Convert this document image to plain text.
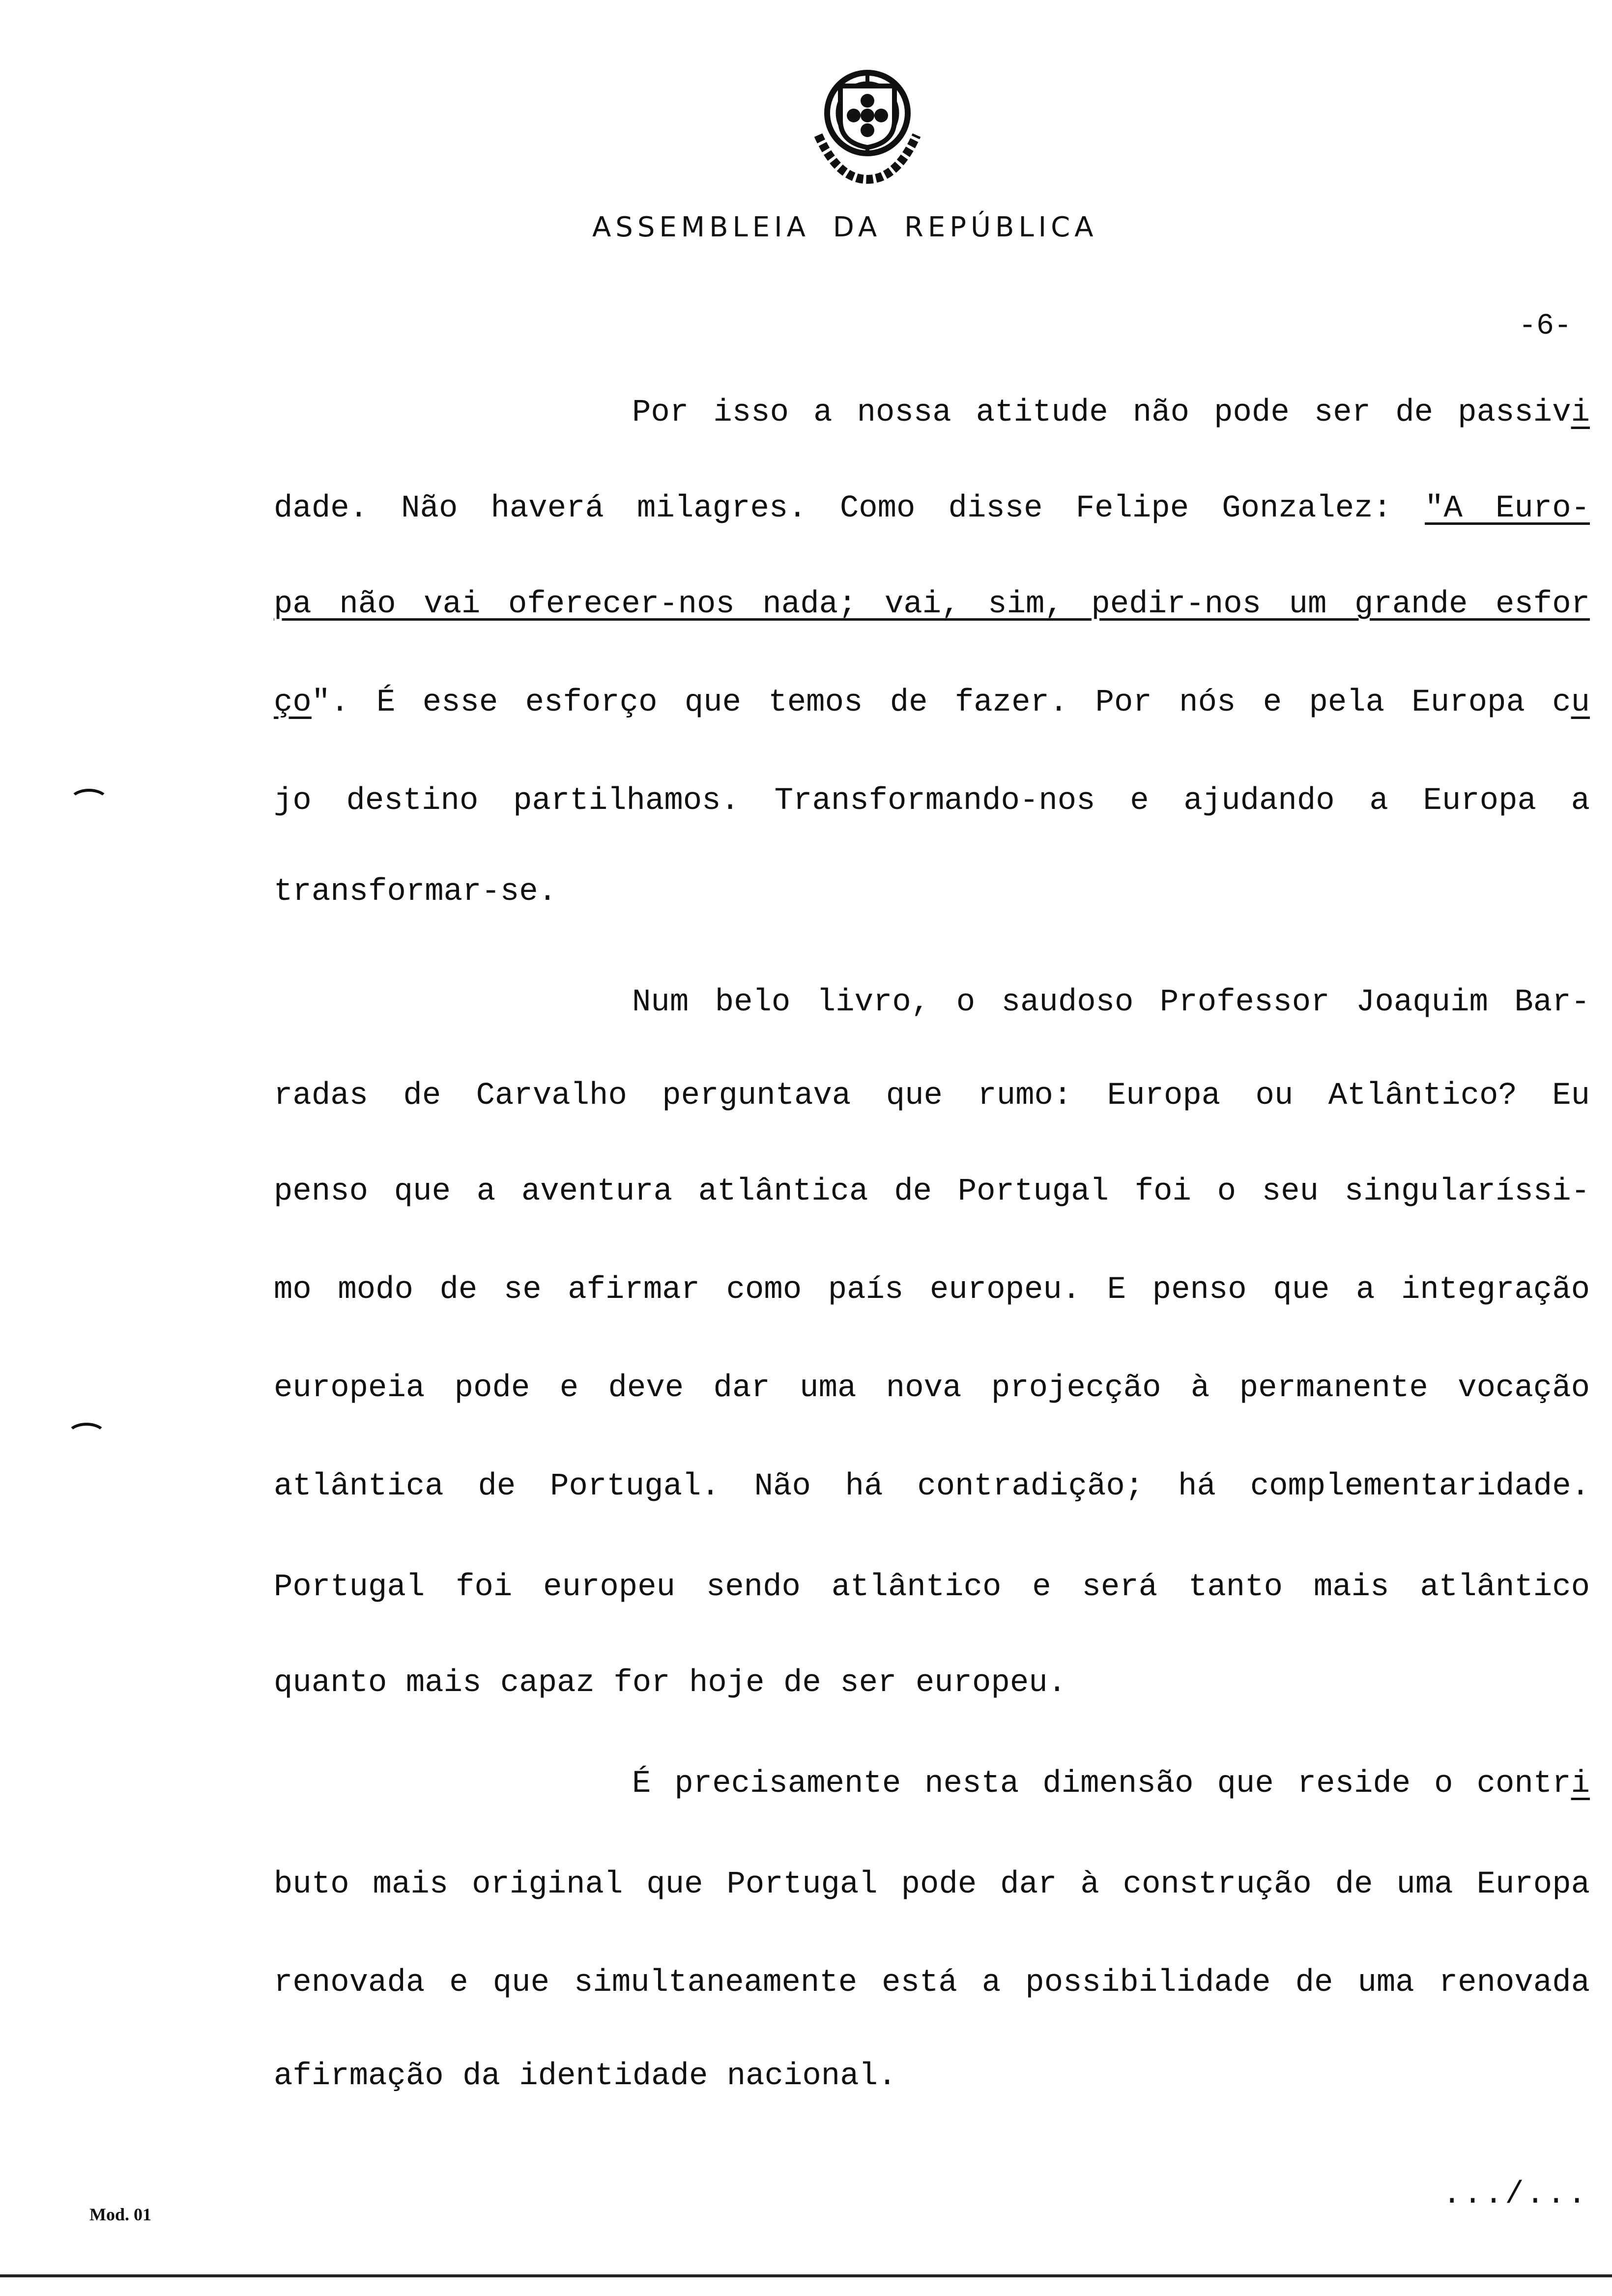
ASSEMBLEIA DA REPÚBLICA
-6-
Por isso a nossa atitude não pode ser de passivi
dade. Não haverá milagres. Como disse Felipe Gonzalez: "A Euro-
pa não vai oferecer-nos nada; vai, sim, pedir-nos um grande esfor
ço". É esse esforço que temos de fazer. Por nós e pela Europa cu
jo destino partilhamos. Transformando-nos e ajudando a Europa a
transformar-se.
Num belo livro, o saudoso Professor Joaquim Bar-
radas de Carvalho perguntava que rumo: Europa ou Atlântico? Eu
penso que a aventura atlântica de Portugal foi o seu singularíssi-
mo modo de se afirmar como país europeu. E penso que a integração
europeia pode e deve dar uma nova projecção à permanente vocação
atlântica de Portugal. Não há contradição; há complementaridade.
Portugal foi europeu sendo atlântico e será tanto mais atlântico
quanto mais capaz for hoje de ser europeu.
É precisamente nesta dimensão que reside o contri
buto mais original que Portugal pode dar à construção de uma Europa
renovada e que simultaneamente está a possibilidade de uma renovada
afirmação da identidade nacional.
Mod. 01
.../...
